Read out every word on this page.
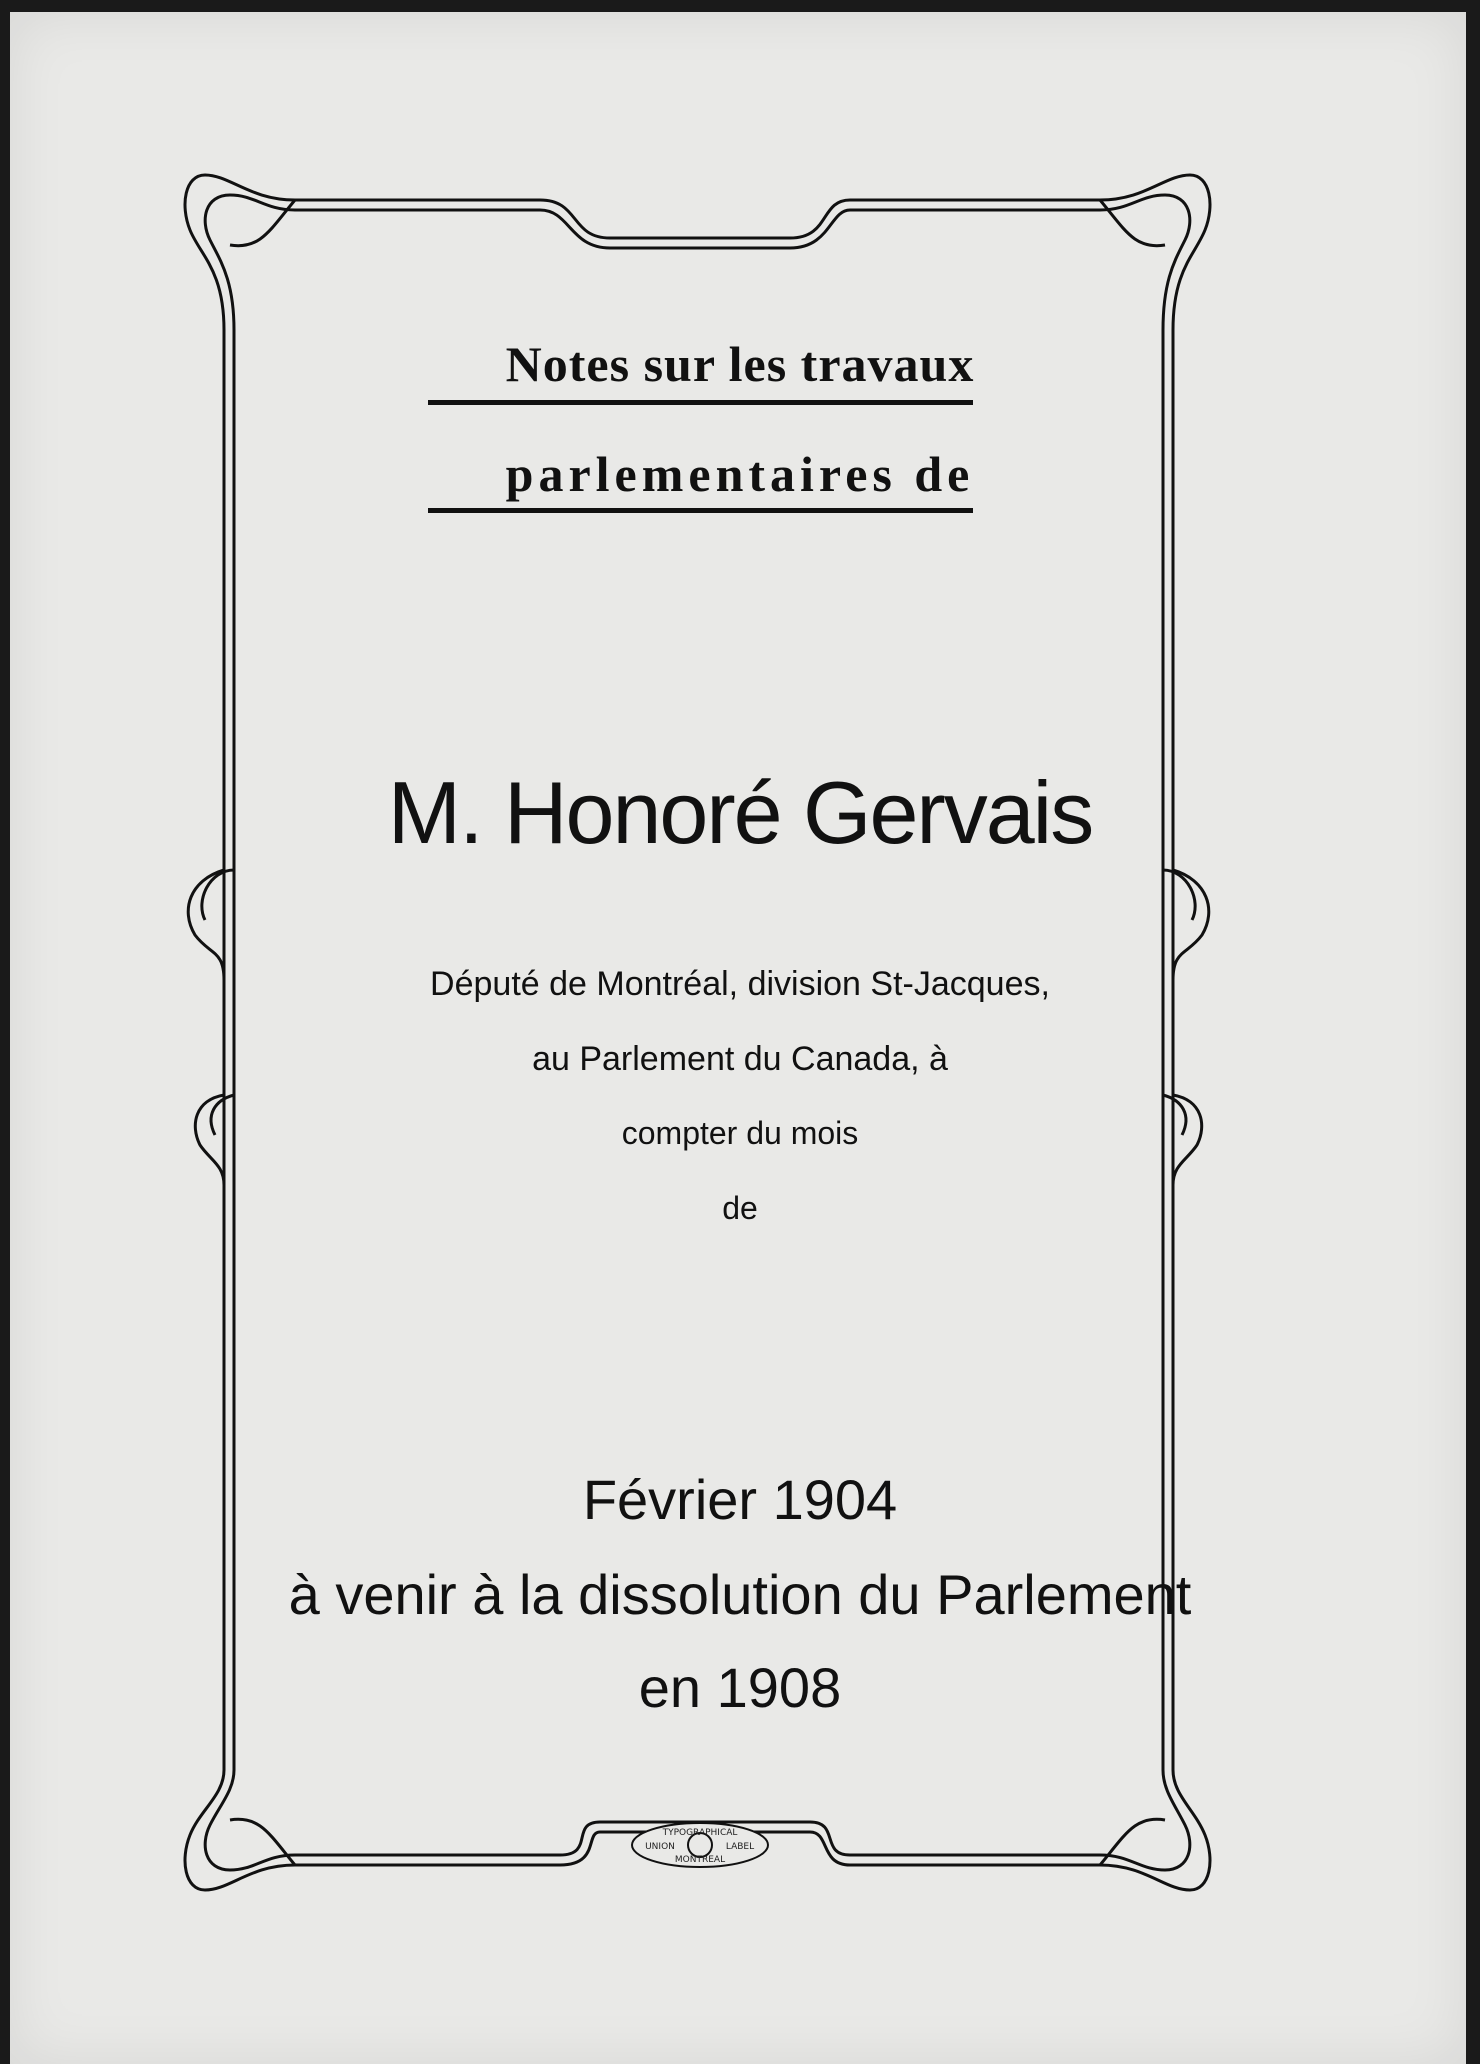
TYPOGRAPHICAL
UNION	LABEL
MONTREAL
Notes sur les travaux
parlementaires de
M. Honoré Gervais
Député de Montréal, division St-Jacques,
au Parlement du Canada, à
compter du mois
de
Février 1904
à venir à la dissolution du Parlement
en 1908
